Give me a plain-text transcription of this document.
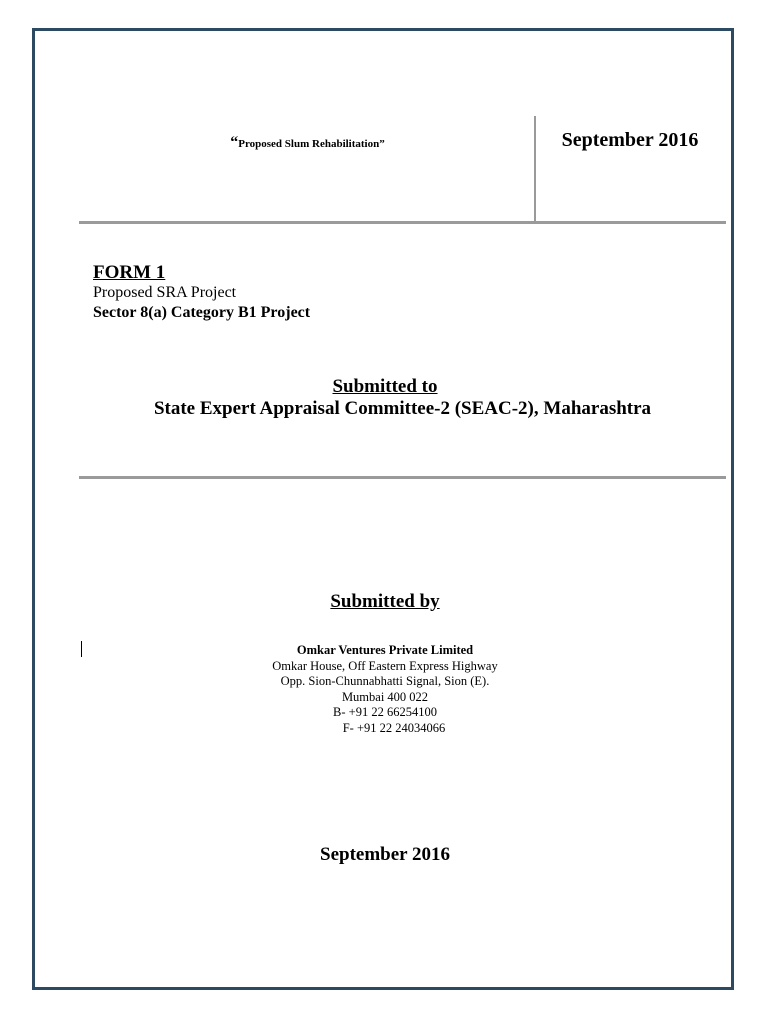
“Proposed Slum Rehabilitation”	September 2016
FORM 1
Proposed SRA Project
Sector 8(a) Category B1 Project
Submitted to
State Expert Appraisal Committee-2 (SEAC-2), Maharashtra
Submitted by
Omkar Ventures Private Limited
Omkar House, Off Eastern Express Highway
Opp. Sion-Chunnabhatti Signal, Sion (E).
Mumbai 400 022
B- +91 22 66254100
F- +91 22 24034066
September 2016
